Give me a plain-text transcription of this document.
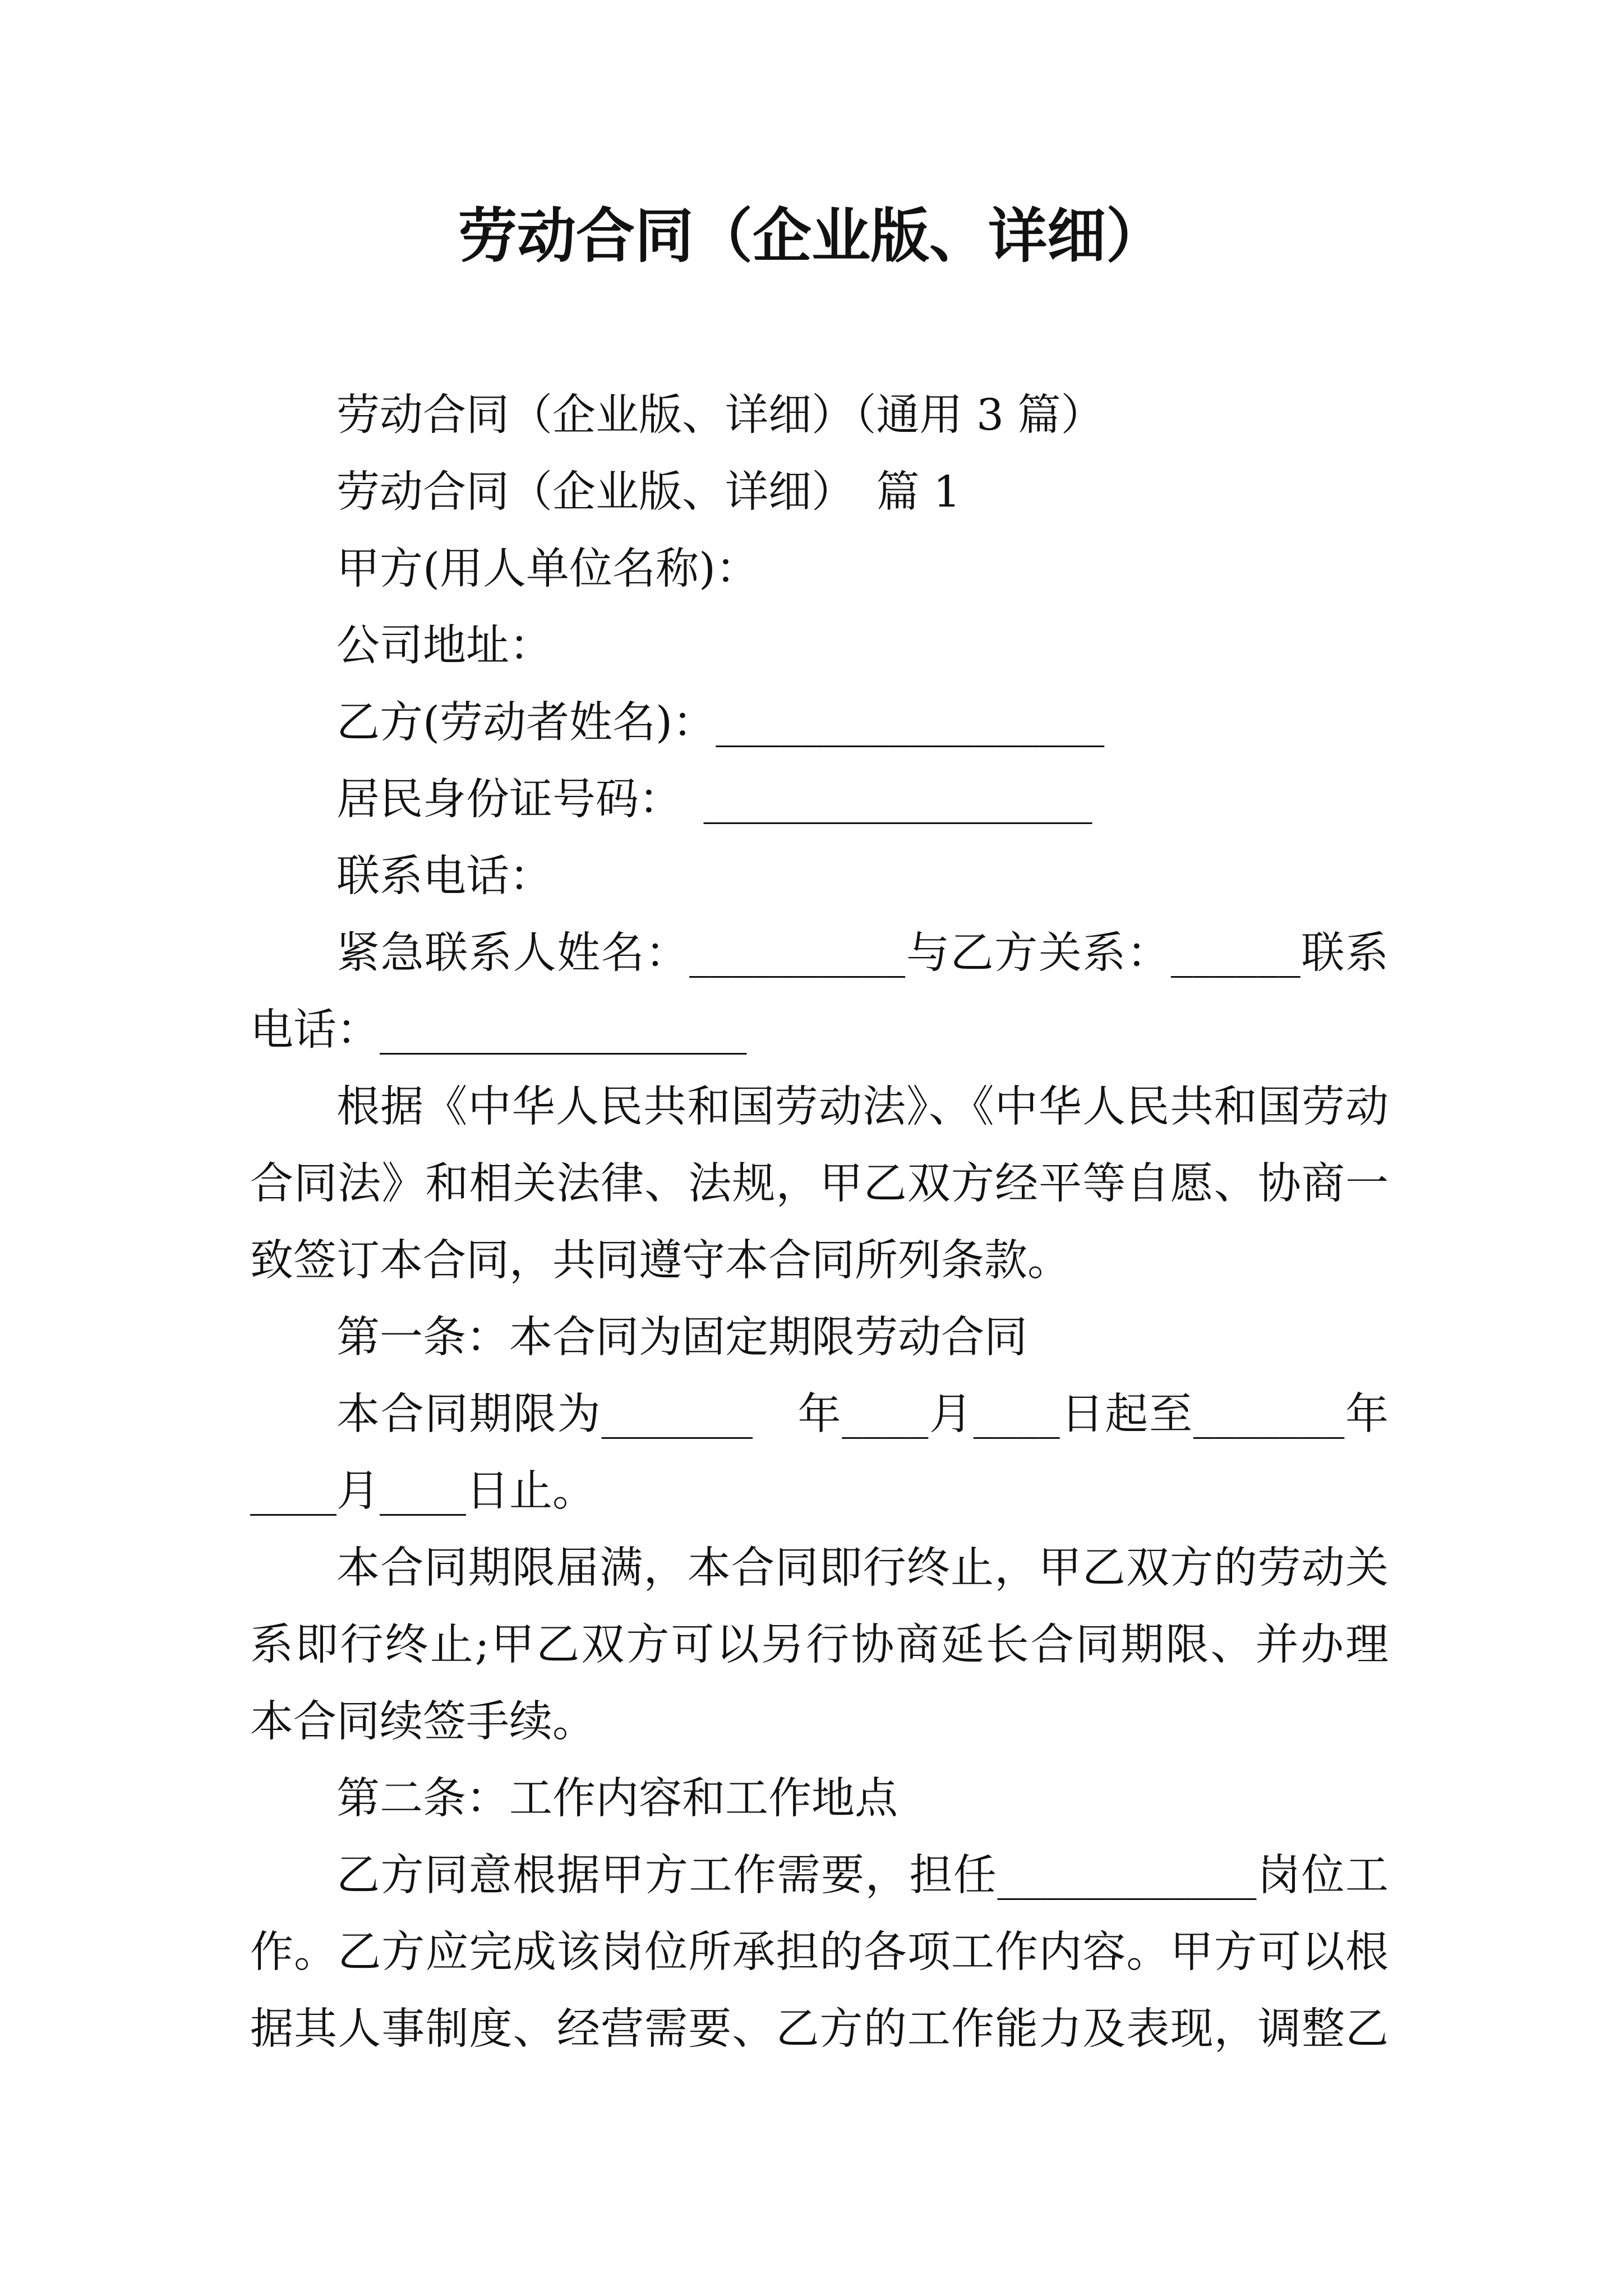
劳动合同（企业版、详细）
劳动合同（企业版、详细）（通用 3 篇）
劳动合同（企业版、详细）　篇 1
甲方(用人单位名称)：
公司地址：
乙方(劳动者姓名)：__________________
居民身份证号码：　__________________
联系电话：
紧急联系人姓名：__________与乙方关系：______联系
电话：_________________
根据《中华人民共和国劳动法》、《中华人民共和国劳动
合同法》和相关法律、法规，甲乙双方经平等自愿、协商一
致签订本合同，共同遵守本合同所列条款。
第一条：本合同为固定期限劳动合同
本合同期限为_______　年____月____日起至_______年
____月____日止。
本合同期限届满，本合同即行终止，甲乙双方的劳动关
系即行终止;甲乙双方可以另行协商延长合同期限、并办理
本合同续签手续。
第二条：工作内容和工作地点
乙方同意根据甲方工作需要，担任____________岗位工
作。乙方应完成该岗位所承担的各项工作内容。甲方可以根
据其人事制度、经营需要、乙方的工作能力及表现，调整乙
